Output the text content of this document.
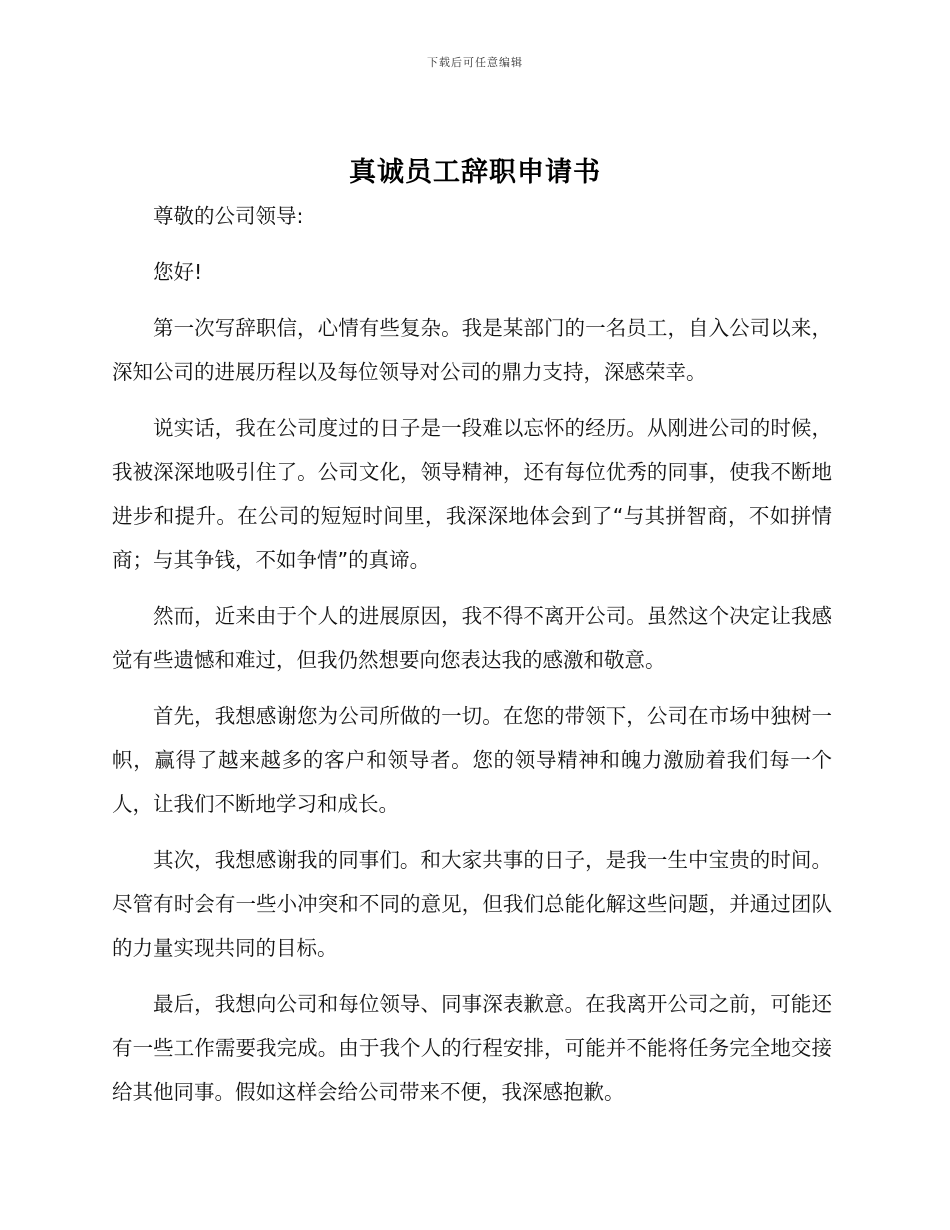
下载后可任意编辑
真诚员工辞职申请书

尊敬的公司领导:

您好!

第一次写辞职信，心情有些复杂。我是某部门的一名员工，自入公司以来，深知公司的进展历程以及每位领导对公司的鼎力支持，深感荣幸。

说实话，我在公司度过的日子是一段难以忘怀的经历。从刚进公司的时候，我被深深地吸引住了。公司文化，领导精神，还有每位优秀的同事，使我不断地进步和提升。在公司的短短时间里，我深深地体会到了“与其拼智商，不如拼情商；与其争钱，不如争情”的真谛。

然而，近来由于个人的进展原因，我不得不离开公司。虽然这个决定让我感觉有些遗憾和难过，但我仍然想要向您表达我的感激和敬意。

首先，我想感谢您为公司所做的一切。在您的带领下，公司在市场中独树一帜，赢得了越来越多的客户和领导者。您的领导精神和魄力激励着我们每一个人，让我们不断地学习和成长。

其次，我想感谢我的同事们。和大家共事的日子，是我一生中宝贵的时间。尽管有时会有一些小冲突和不同的意见，但我们总能化解这些问题，并通过团队的力量实现共同的目标。

最后，我想向公司和每位领导、同事深表歉意。在我离开公司之前，可能还有一些工作需要我完成。由于我个人的行程安排，可能并不能将任务完全地交接给其他同事。假如这样会给公司带来不便，我深感抱歉。
